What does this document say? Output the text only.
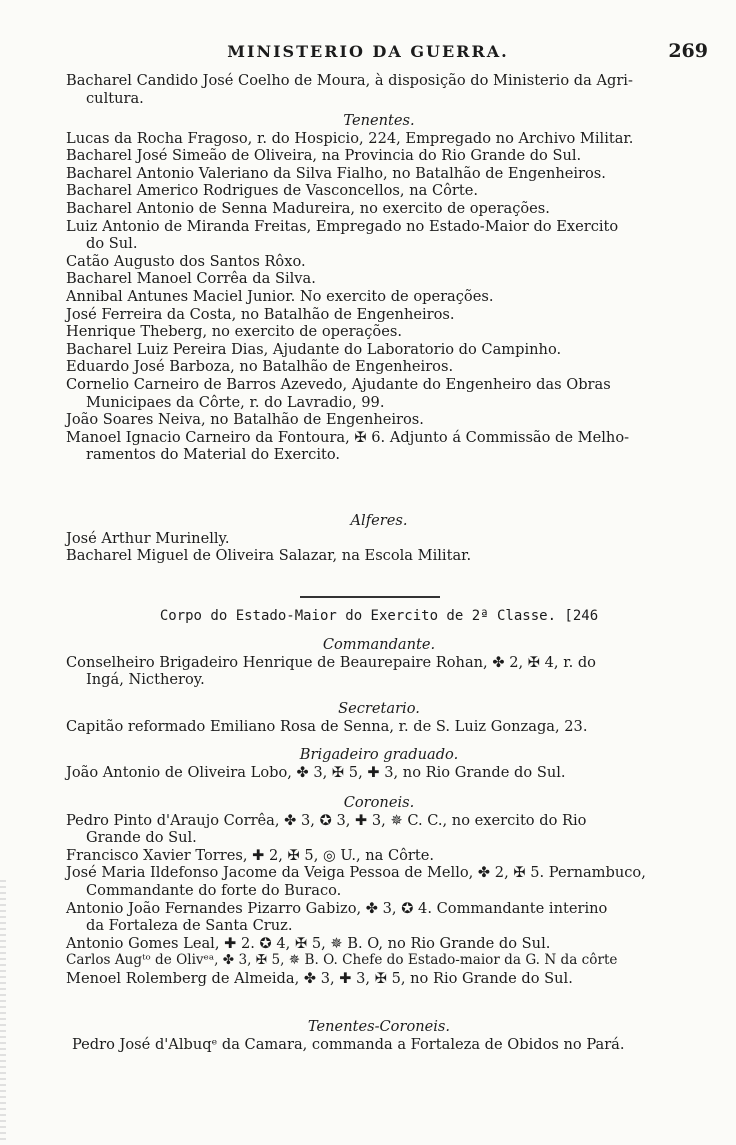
MINISTERIO DA GUERRA.	269
Bacharel Candido José Coelho de Moura, à disposição do Ministerio da Agri-
cultura.
Tenentes.
Lucas da Rocha Fragoso, r. do Hospicio, 224, Empregado no Archivo Militar.
Bacharel José Simeão de Oliveira, na Provincia do Rio Grande do Sul.
Bacharel Antonio Valeriano da Silva Fialho, no Batalhão de Engenheiros.
Bacharel Americo Rodrigues de Vasconcellos, na Côrte.
Bacharel Antonio de Senna Madureira, no exercito de operações.
Luiz Antonio de Miranda Freitas, Empregado no Estado-Maior do Exercito
do Sul.
Catão Augusto dos Santos Rôxo.
Bacharel Manoel Corrêa da Silva.
Annibal Antunes Maciel Junior. No exercito de operações.
José Ferreira da Costa, no Batalhão de Engenheiros.
Henrique Theberg, no exercito de operações.
Bacharel Luiz Pereira Dias, Ajudante do Laboratorio do Campinho.
Eduardo José Barboza, no Batalhão de Engenheiros.
Cornelio Carneiro de Barros Azevedo, Ajudante do Engenheiro das Obras
Municipaes da Côrte, r. do Lavradio, 99.
João Soares Neiva, no Batalhão de Engenheiros.
Manoel Ignacio Carneiro da Fontoura, ✠ 6. Adjunto á Commissão de Melho-
ramentos do Material do Exercito.
Alferes.
José Arthur Murinelly.
Bacharel Miguel de Oliveira Salazar, na Escola Militar.
Corpo do Estado-Maior do Exercito de 2ª Classe. [246
Commandante.
Conselheiro Brigadeiro Henrique de Beaurepaire Rohan, ✤ 2, ✠ 4, r. do
Ingá, Nictheroy.
Secretario.
Capitão reformado Emiliano Rosa de Senna, r. de S. Luiz Gonzaga, 23.
Brigadeiro graduado.
João Antonio de Oliveira Lobo, ✤ 3, ✠ 5, ✚ 3, no Rio Grande do Sul.
Coroneis.
Pedro Pinto d'Araujo Corrêa, ✤ 3, ✪ 3, ✚ 3, ✵ C. C., no exercito do Rio
Grande do Sul.
Francisco Xavier Torres, ✚ 2, ✠ 5, ◎ U., na Côrte.
José Maria Ildefonso Jacome da Veiga Pessoa de Mello, ✤ 2, ✠ 5. Pernambuco,
Commandante do forte do Buraco.
Antonio João Fernandes Pizarro Gabizo, ✤ 3, ✪ 4. Commandante interino
da Fortaleza de Santa Cruz.
Antonio Gomes Leal, ✚ 2. ✪ 4, ✠ 5, ✵ B. O, no Rio Grande do Sul.
Carlos Augᵗᵒ de Olivᵉᵃ, ✤ 3, ✠ 5, ✵ B. O. Chefe do Estado-maior da G. N da côrte
Menoel Rolemberg de Almeida, ✤ 3, ✚ 3, ✠ 5, no Rio Grande do Sul.
Tenentes-Coroneis.
Pedro José d'Albuqᵉ da Camara, commanda a Fortaleza de Obidos no Pará.
